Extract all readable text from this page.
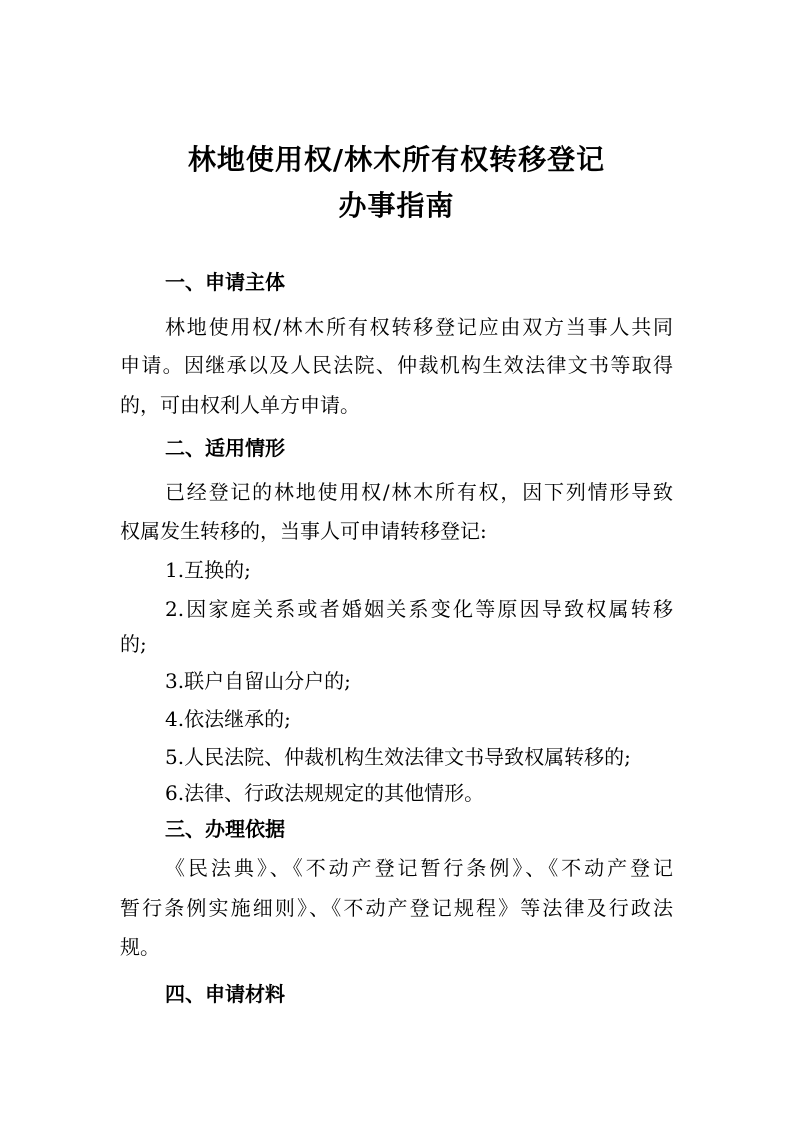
林地使用权/林木所有权转移登记
办事指南
一、申请主体
林地使用权/林木所有权转移登记应由双方当事人共同
申请。因继承以及人民法院、仲裁机构生效法律文书等取得
的，可由权利人单方申请。
二、适用情形
已经登记的林地使用权/林木所有权，因下列情形导致
权属发生转移的，当事人可申请转移登记:
1.互换的;
2.因家庭关系或者婚姻关系变化等原因导致权属转移
的;
3.联户自留山分户的;
4.依法继承的;
5.人民法院、仲裁机构生效法律文书导致权属转移的;
6.法律、行政法规规定的其他情形。
三、办理依据
《民法典》、《不动产登记暂行条例》、《不动产登记
暂行条例实施细则》、《不动产登记规程》等法律及行政法
规。
四、申请材料
